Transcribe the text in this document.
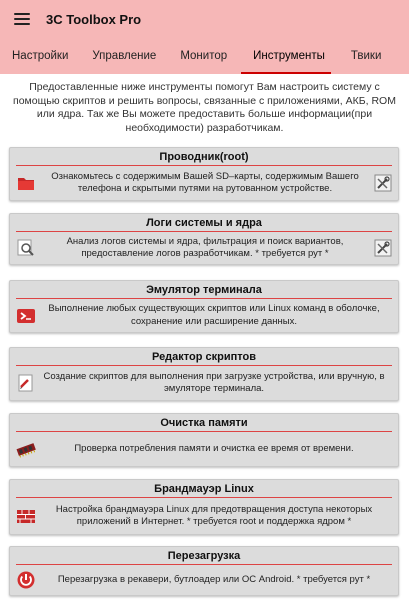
3C Toolbox Pro
Настройки	Управление	Монитор	Инструменты	Твики
Предоставленные ниже инструменты помогут Вам настроить систему с помощью скриптов и решить вопросы, связанные с приложениями, АКБ, ROM или ядра. Так же Вы можете предоставить больше информации(при необходимости) разработчикам.
Проводник(root)
Ознакомьтесь с содержимым Вашей SD–карты, содержимым Вашего телефона и скрытыми путями на рутованном устройстве.
Логи системы и ядра
Анализ логов системы и ядра, фильтрация и поиск вариантов, предоставление логов разработчикам. * требуется рут *
Эмулятор терминала
Выполнение любых существующих скриптов или Linux команд в оболочке, сохранение или расширение данных.
Редактор скриптов
Создание скриптов для выполнения при загрузке устройства, или вручную, в эмуляторе терминала.
Очистка памяти
Проверка потребления памяти и очистка ее время от времени.
Брандмауэр Linux
Настройка брандмауэра Linux для предотвращения доступа некоторых приложений в Интернет. * требуется root и поддержка ядром *
Перезагрузка
Перезагрузка в рекавери, бутлоадер или ОС Android. * требуется рут *
